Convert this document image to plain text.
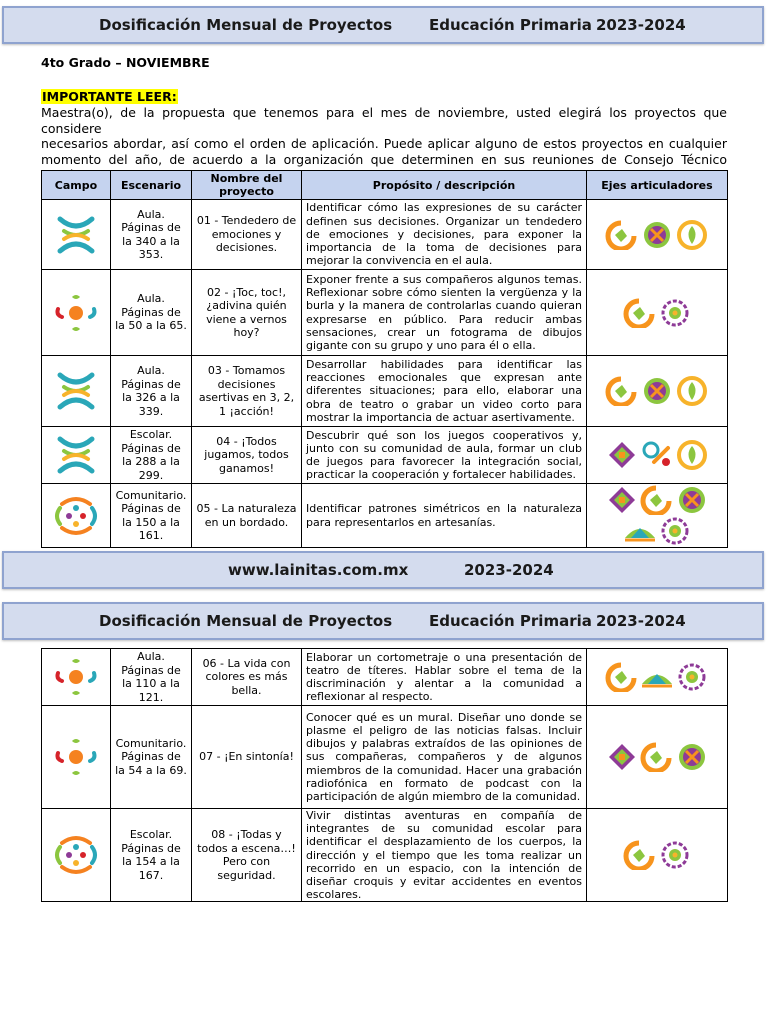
Dosificación Mensual de Proyectos Educación Primaria 2023-2024
4to Grado – NOVIEMBRE
IMPORTANTE LEER:
Maestra(o), de la propuesta que tenemos para el mes de noviembre, usted elegirá los proyectos que considere
necesarios abordar, así como el orden de aplicación. Puede aplicar alguno de estos proyectos en cualquier
momento del año, de acuerdo a la organización que determinen en sus reuniones de Consejo Técnico
Campo	Escenario	Nombre del proyecto	Propósito / descripción	Ejes articuladores

	Aula. Páginas de la 340 a la 353.	01 - Tendedero de emociones y decisiones.	Identificar cómo las expresiones de su carácter definen sus decisiones. Organizar un tendedero de emociones y decisiones, para exponer la importancia de la toma de decisiones para mejorar la convivencia en el aula.	

	Aula. Páginas de la 50 a la 65.	02 - ¡Toc, toc!, ¿adivina quién viene a vernos hoy?	Exponer frente a sus compañeros algunos temas. Reflexionar sobre cómo sienten la vergüenza y la burla y la manera de controlarlas cuando quieran expresarse en público. Para reducir ambas sensaciones, crear un fotograma de dibujos gigante con su grupo y uno para él o ella.	

	Aula. Páginas de la 326 a la 339.	03 - Tomamos decisiones asertivas en 3, 2, 1 ¡acción!	Desarrollar habilidades para identificar las reacciones emocionales que expresan ante diferentes situaciones; para ello, elaborar una obra de teatro o grabar un video corto para mostrar la importancia de actuar asertivamente.	

	Escolar. Páginas de la 288 a la 299.	04 - ¡Todos jugamos, todos ganamos!	Descubrir qué son los juegos cooperativos y, junto con su comunidad de aula, formar un club de juegos para favorecer la integración social, practicar la cooperación y fortalecer habilidades.	

	Comunitario. Páginas de la 150 a la 161.	05 - La naturaleza en un bordado.	Identificar patrones simétricos en la naturaleza para representarlos en artesanías.	
www.lainitas.com.mx	2023-2024
Dosificación Mensual de Proyectos Educación Primaria 2023-2024
	Aula. Páginas de la 110 a la 121.	06 - La vida con colores es más bella.	Elaborar un cortometraje o una presentación de teatro de títeres. Hablar sobre el tema de la discriminación y alentar a la comunidad a reflexionar al respecto.	

	Comunitario. Páginas de la 54 a la 69.	07 - ¡En sintonía!	Conocer qué es un mural. Diseñar uno donde se plasme el peligro de las noticias falsas. Incluir dibujos y palabras extraídos de las opiniones de sus compañeras, compañeros y de algunos miembros de la comunidad. Hacer una grabación radiofónica en formato de podcast con la participación de algún miembro de la comunidad.	

	Escolar. Páginas de la 154 a la 167.	08 - ¡Todas y todos a escena…! Pero con seguridad.	Vivir distintas aventuras en compañía de integrantes de su comunidad escolar para identificar el desplazamiento de los cuerpos, la dirección y el tiempo que les toma realizar un recorrido en un espacio, con la intención de diseñar croquis y evitar accidentes en eventos escolares.	
